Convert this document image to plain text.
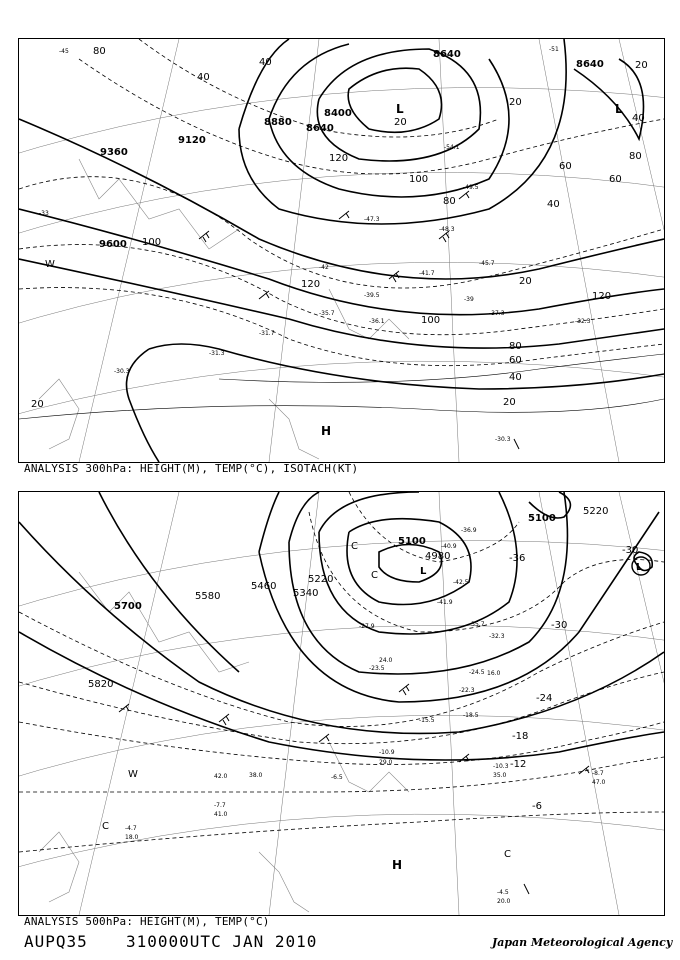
8640
8640
8400
8640
8880
9120
9360
9600
80
40
40
20
20
20
40
60
60
80
100
120
120
100
80
60
40
20
100
120
40
80
20
20
-45	-51
-54.1
-49.5
-48.3
-47.3
-45.7
-41.7
-39.5
-37.3
-36.1
-35.7
-32.3
-31.7
-31.3
-30.3
-30.3
-33
-39
-42
L	L
H
W
ANALYSIS 300hPa: HEIGHT(M), TEMP(°C), ISOTACH(KT)
5100
5100
5220
4980
5220
5340
5460
5580
5700
5820
-36
-30
-30
-24
-18
-12
-6
-40.9
-36.9
-42.5
-41.9
-35.7
-32.3
-27.9
-23.5
-24.5
-22.3
-18.5
-15.5
-10.9
-10.3
-8.7
-7.7
-6.5
-4.7
-4.5
20.0
35.0
47.0
16.0
18.0
41.0
42.0	38.0
24.0
29.0
L
L
C
C
C
C
W
H
ANALYSIS 500hPa: HEIGHT(M), TEMP(°C)
AUPQ35 310000UTC JAN 2010	Japan Meteorological Agency
